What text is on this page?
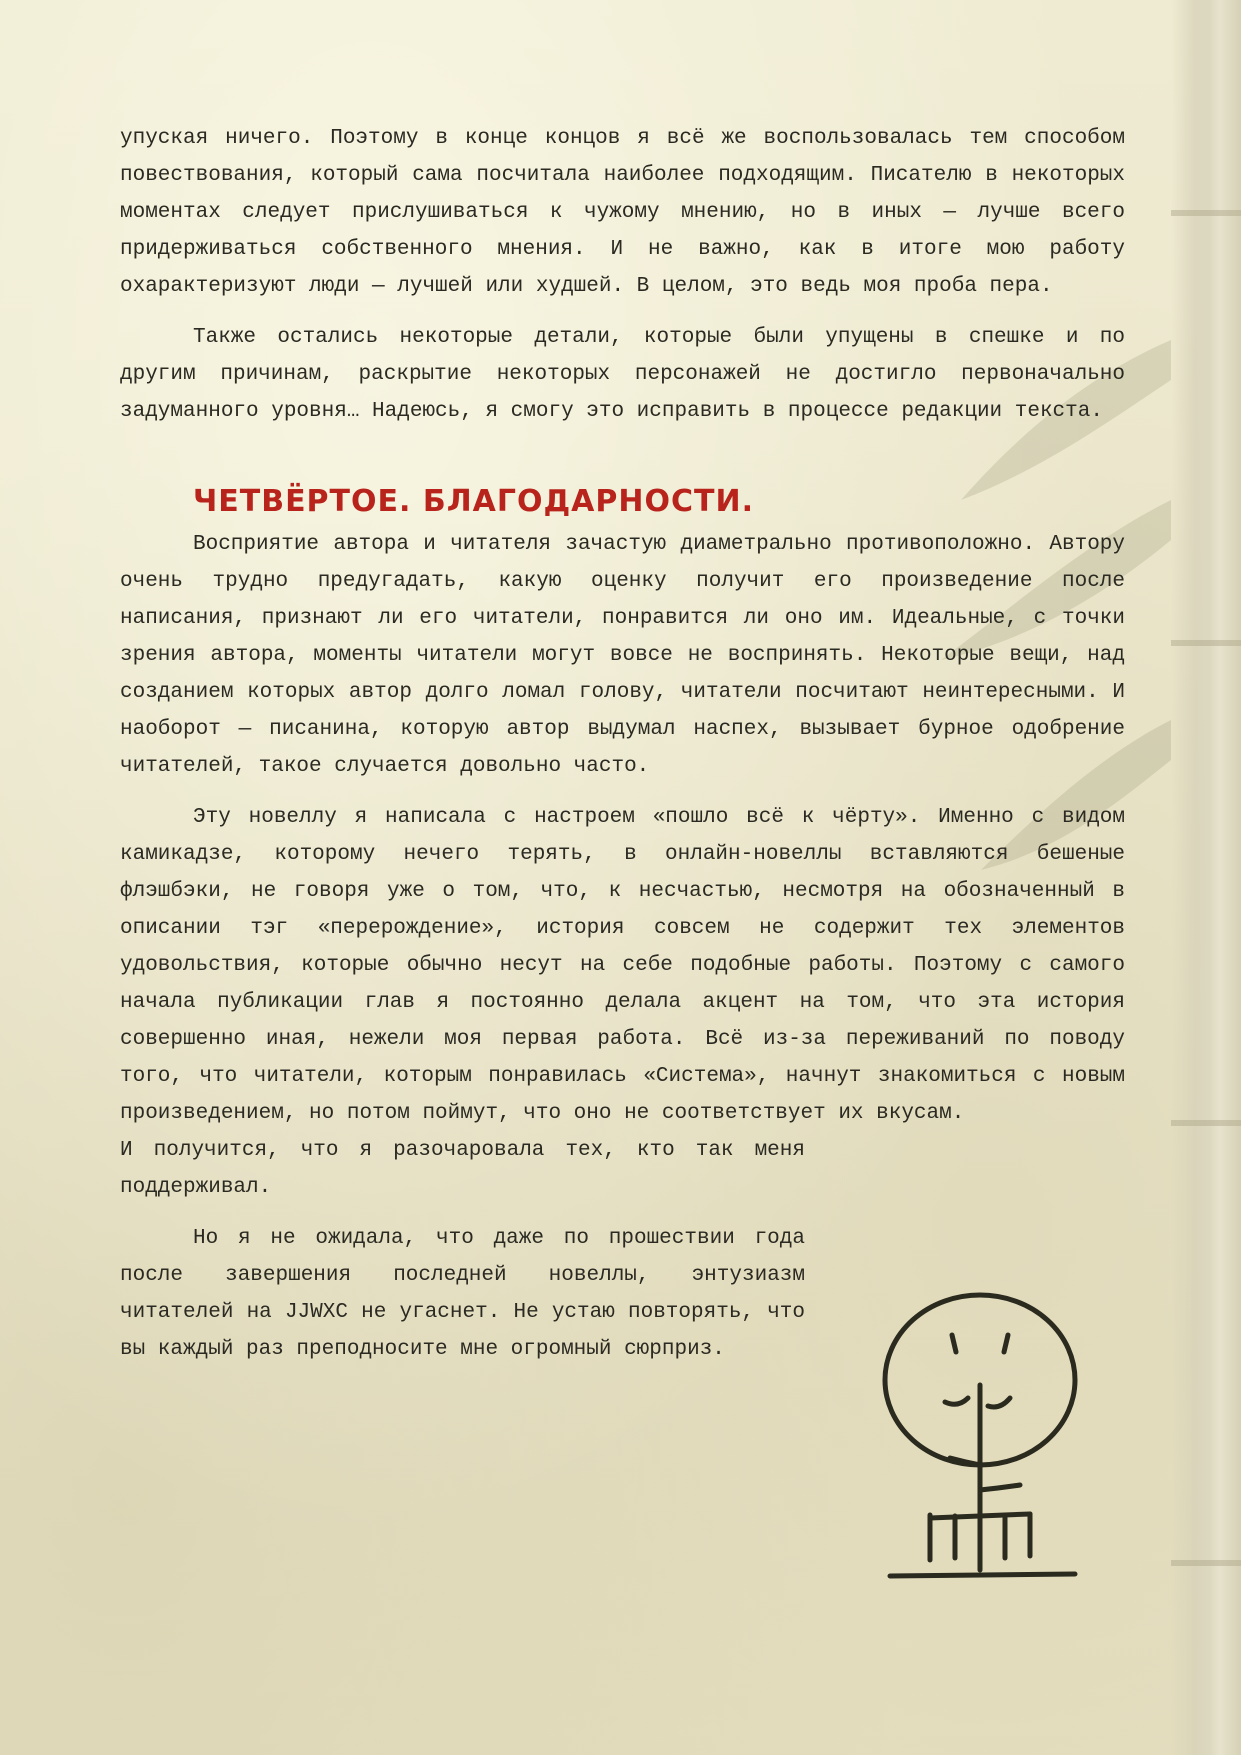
упуская ничего. Поэтому в конце концов я всё же воспользовалась тем способом повествования, который сама посчитала наиболее подходящим. Писателю в некоторых моментах следует прислушиваться к чужому мнению, но в иных — лучше всего придерживаться собственного мнения. И не важно, как в итоге мою работу охарактеризуют люди — лучшей или худшей. В целом, это ведь моя проба пера.

Также остались некоторые детали, которые были упущены в спешке и по другим причинам, раскрытие некоторых персонажей не достигло первоначально задуманного уровня… Надеюсь, я смогу это исправить в процессе редакции текста.

ЧЕТВЁРТОЕ. БЛАГОДАРНОСТИ.

Восприятие автора и читателя зачастую диаметрально противоположно. Автору очень трудно предугадать, какую оценку получит его произведение после написания, признают ли его читатели, понравится ли оно им. Идеальные, с точки зрения автора, моменты читатели могут вовсе не воспринять. Некоторые вещи, над созданием которых автор долго ломал голову, читатели посчитают неинтересными. И наоборот — писанина, которую автор выдумал наспех, вызывает бурное одобрение читателей, такое случается довольно часто.

Эту новеллу я написала с настроем «пошло всё к чёрту». Именно с видом камикадзе, которому нечего терять, в онлайн-новеллы вставляются бешеные флэшбэки, не говоря уже о том, что, к несчастью, несмотря на обозначенный в описании тэг «перерождение», история совсем не содержит тех элементов удовольствия, которые обычно несут на себе подобные работы. Поэтому с самого начала публикации глав я постоянно делала акцент на том, что эта история совершенно иная, нежели моя первая работа. Всё из-за переживаний по поводу того, что читатели, которым понравилась «Система», начнут знакомиться с новым произведением, но потом поймут, что оно не соответствует их вкусам.

И получится, что я разочаровала тех, кто так меня поддерживал.

Но я не ожидала, что даже по прошествии года после завершения последней новеллы, энтузиазм читателей на JJWXC не угаснет. Не устаю повторять, что вы каждый раз преподносите мне огромный сюрприз.
